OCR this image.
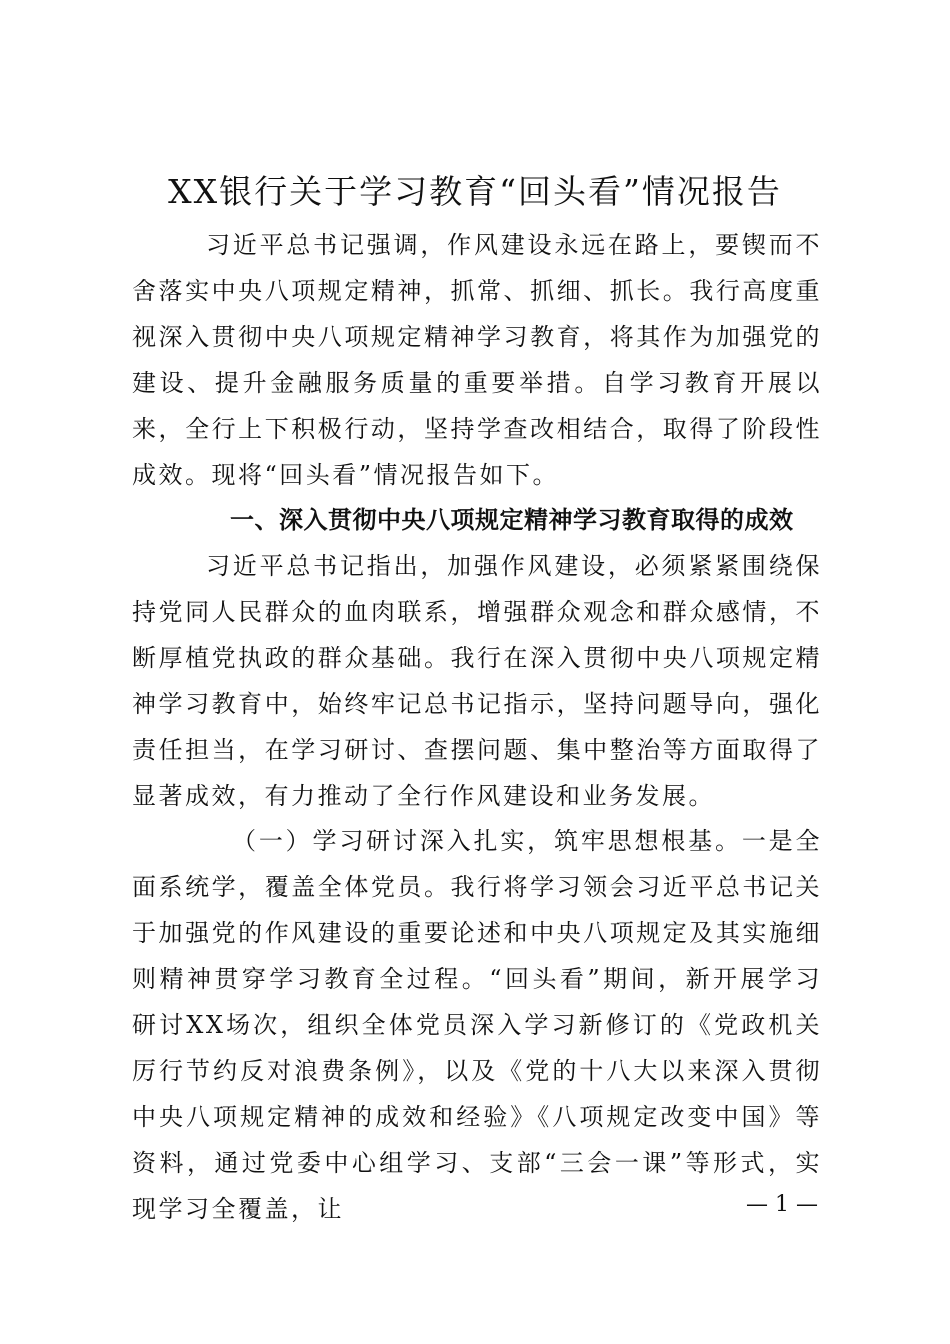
XX银行关于学习教育“回头看”情况报告

习近平总书记强调，作风建设永远在路上，要锲而不舍落实中央八项规定精神，抓常、抓细、抓长。我行高度重视深入贯彻中央八项规定精神学习教育，将其作为加强党的建设、提升金融服务质量的重要举措。自学习教育开展以来，全行上下积极行动，坚持学查改相结合，取得了阶段性成效。现将“回头看”情况报告如下。

一、深入贯彻中央八项规定精神学习教育取得的成效

习近平总书记指出，加强作风建设，必须紧紧围绕保持党同人民群众的血肉联系，增强群众观念和群众感情，不断厚植党执政的群众基础。我行在深入贯彻中央八项规定精神学习教育中，始终牢记总书记指示，坚持问题导向，强化责任担当，在学习研讨、查摆问题、集中整治等方面取得了显著成效，有力推动了全行作风建设和业务发展。

（一）学习研讨深入扎实，筑牢思想根基。一是全面系统学，覆盖全体党员。我行将学习领会习近平总书记关于加强党的作风建设的重要论述和中央八项规定及其实施细则精神贯穿学习教育全过程。“回头看”期间，新开展学习研讨XX场次，组织全体党员深入学习新修订的《党政机关厉行节约反对浪费条例》，以及《党的十八大以来深入贯彻中央八项规定精神的成效和经验》《八项规定改变中国》等资料，通过党委中心组学习、支部“三会一课”等形式，实现学习全覆盖，让	— 1 —
